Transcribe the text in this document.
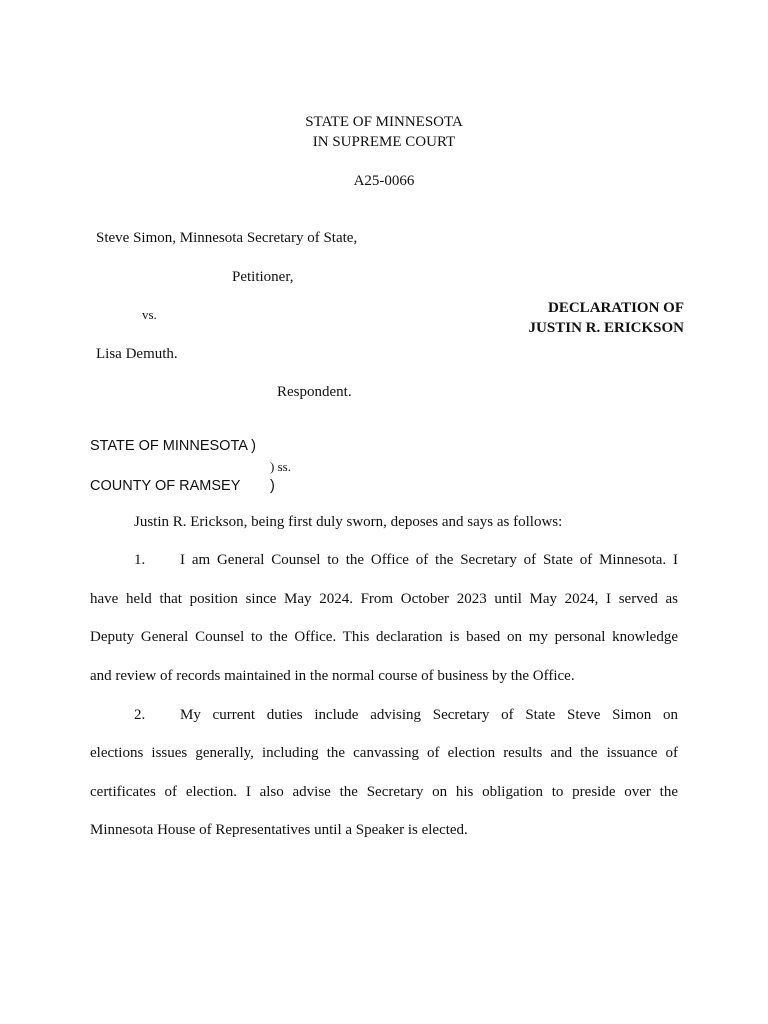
STATE OF MINNESOTA
IN SUPREME COURT
A25-0066
Steve Simon, Minnesota Secretary of State,
Petitioner,
vs.
Lisa Demuth.
Respondent.
DECLARATION OF
JUSTIN R. ERICKSON
STATE OF MINNESOTA )
) ss.
COUNTY OF RAMSEY )
Justin R. Erickson, being first duly sworn, deposes and says as follows:
1. I am General Counsel to the Office of the Secretary of State of Minnesota. I
have held that position since May 2024. From October 2023 until May 2024, I served as
Deputy General Counsel to the Office. This declaration is based on my personal knowledge
and review of records maintained in the normal course of business by the Office.
2. My current duties include advising Secretary of State Steve Simon on
elections issues generally, including the canvassing of election results and the issuance of
certificates of election. I also advise the Secretary on his obligation to preside over the
Minnesota House of Representatives until a Speaker is elected.
